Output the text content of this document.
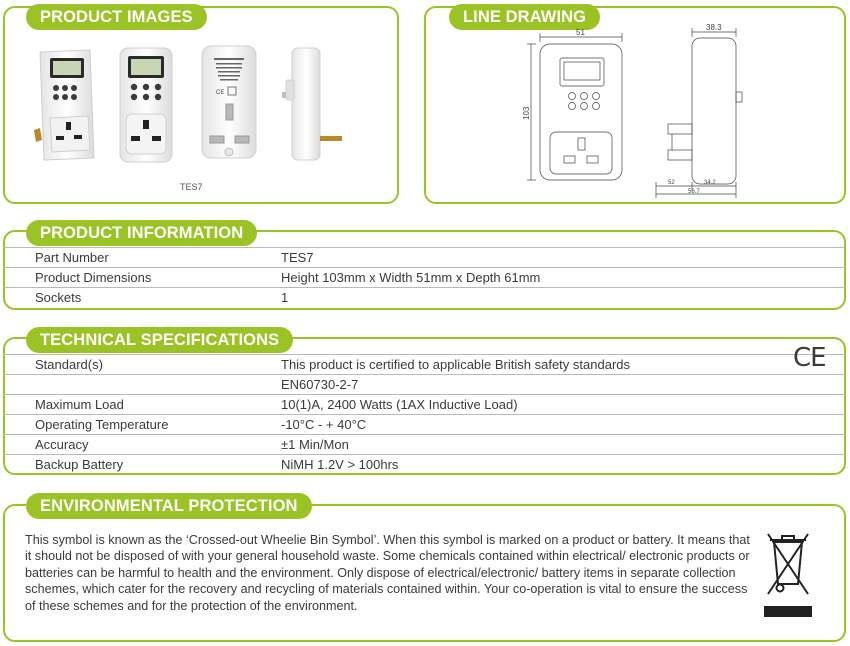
PRODUCT IMAGES
CE
TES7
LINE DRAWING
51
103
38.3
52	34.2
56.7
PRODUCT INFORMATION
Part Number	TES7
Product Dimensions	Height 103mm x Width 51mm x Depth 61mm
Sockets	1
TECHNICAL SPECIFICATIONS
Standard(s)	This product is certified to applicable British safety standards
EN60730-2-7
Maximum Load	10(1)A, 2400 Watts (1AX Inductive Load)
Operating Temperature	-10°C - + 40°C
Accuracy	±1 Min/Mon
Backup Battery	NiMH 1.2V > 100hrs
CE
ENVIRONMENTAL PROTECTION
This symbol is known as the ‘Crossed-out Wheelie Bin Symbol’. When this symbol is marked on a product or battery. It means that it should not be disposed of with your general household waste. Some chemicals contained within electrical/ electronic products or batteries can be harmful to health and the environment. Only dispose of electrical/electronic/ battery items in separate collection schemes, which cater for the recovery and recycling of materials contained within. Your co-operation is vital to ensure the success of these schemes and for the protection of the environment.
